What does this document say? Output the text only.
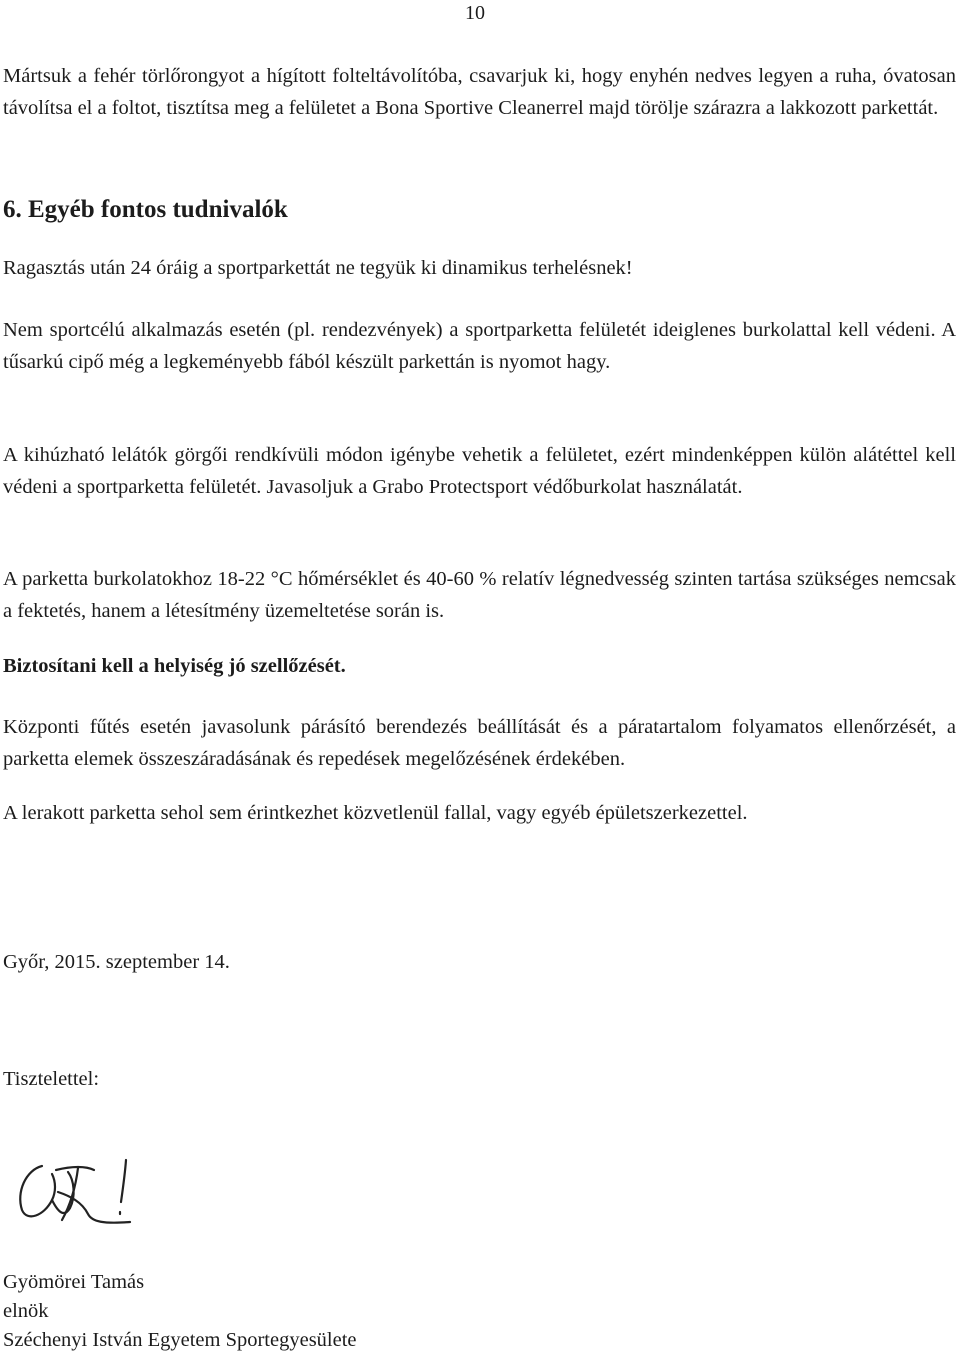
10

Mártsuk a fehér törlőrongyot a hígított folteltávolítóba, csavarjuk ki, hogy enyhén nedves legyen a ruha, óvatosan távolítsa el a foltot, tisztítsa meg a felületet a Bona Sportive Cleanerrel majd törölje szárazra a lakkozott parkettát.

6. Egyéb fontos tudnivalók

Ragasztás után 24 óráig a sportparkettát ne tegyük ki dinamikus terhelésnek!

Nem sportcélú alkalmazás esetén (pl. rendezvények) a sportparketta felületét ideiglenes burkolattal kell védeni. A tűsarkú cipő még a legkeményebb fából készült parkettán is nyomot hagy.

A kihúzható lelátók görgői rendkívüli módon igénybe vehetik a felületet, ezért mindenképpen külön alátéttel kell védeni a sportparketta felületét. Javasoljuk a Grabo Protectsport védőburkolat használatát.

A parketta burkolatokhoz 18-22 °C hőmérséklet és 40-60 % relatív légnedvesség szinten tartása szükséges nemcsak a fektetés, hanem a létesítmény üzemeltetése során is.

Biztosítani kell a helyiség jó szellőzését.

Központi fűtés esetén javasolunk párásító berendezés beállítását és a páratartalom folyamatos ellenőrzését, a parketta elemek összeszáradásának és repedések megelőzésének érdekében.

A lerakott parketta sehol sem érintkezhet közvetlenül fallal, vagy egyéb épületszerkezettel.

Győr, 2015. szeptember 14.

Tisztelettel:

Gyömörei Tamás
elnök
Széchenyi István Egyetem Sportegyesülete
